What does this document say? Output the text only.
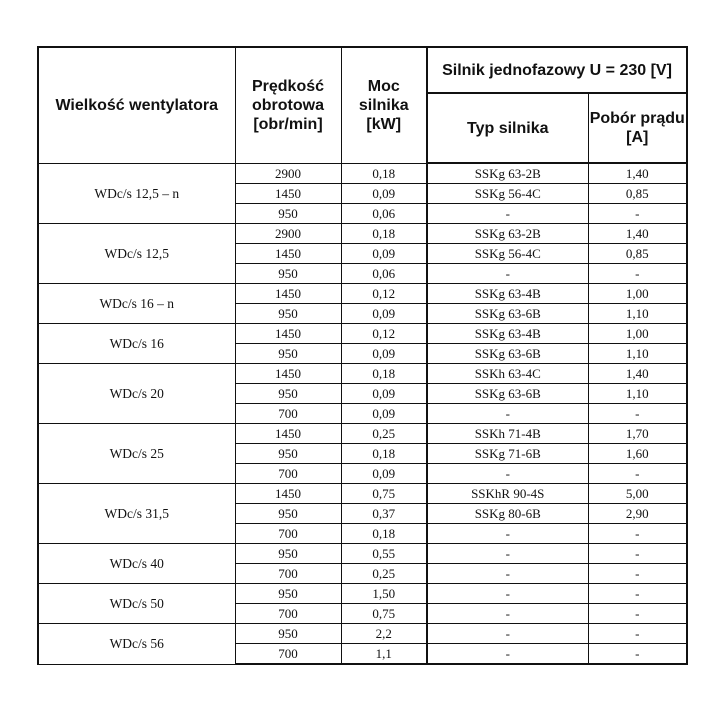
Wielkość wentylatora	Prędkość obrotowa [obr/min]	Moc silnika [kW]	Silnik jednofazowy U = 230 [V]	
			Typ silnika	Pobór prądu [A]
WDc/s 12,5 – n	2900	0,18	SSKg 63-2B	1,40
	1450	0,09	SSKg 56-4C	0,85
	950	0,06	-	-
WDc/s 12,5	2900	0,18	SSKg 63-2B	1,40
	1450	0,09	SSKg 56-4C	0,85
	950	0,06	-	-
WDc/s 16 – n	1450	0,12	SSKg 63-4B	1,00
	950	0,09	SSKg 63-6B	1,10
WDc/s 16	1450	0,12	SSKg 63-4B	1,00
	950	0,09	SSKg 63-6B	1,10
WDc/s 20	1450	0,18	SSKh 63-4C	1,40
	950	0,09	SSKg 63-6B	1,10
	700	0,09	-	-
WDc/s 25	1450	0,25	SSKh 71-4B	1,70
	950	0,18	SSKg 71-6B	1,60
	700	0,09	-	-
WDc/s 31,5	1450	0,75	SSKhR 90-4S	5,00
	950	0,37	SSKg 80-6B	2,90
	700	0,18	-	-
WDc/s 40	950	0,55	-	-
	700	0,25	-	-
WDc/s 50	950	1,50	-	-
	700	0,75	-	-
WDc/s 56	950	2,2	-	-
	700	1,1	-	-
